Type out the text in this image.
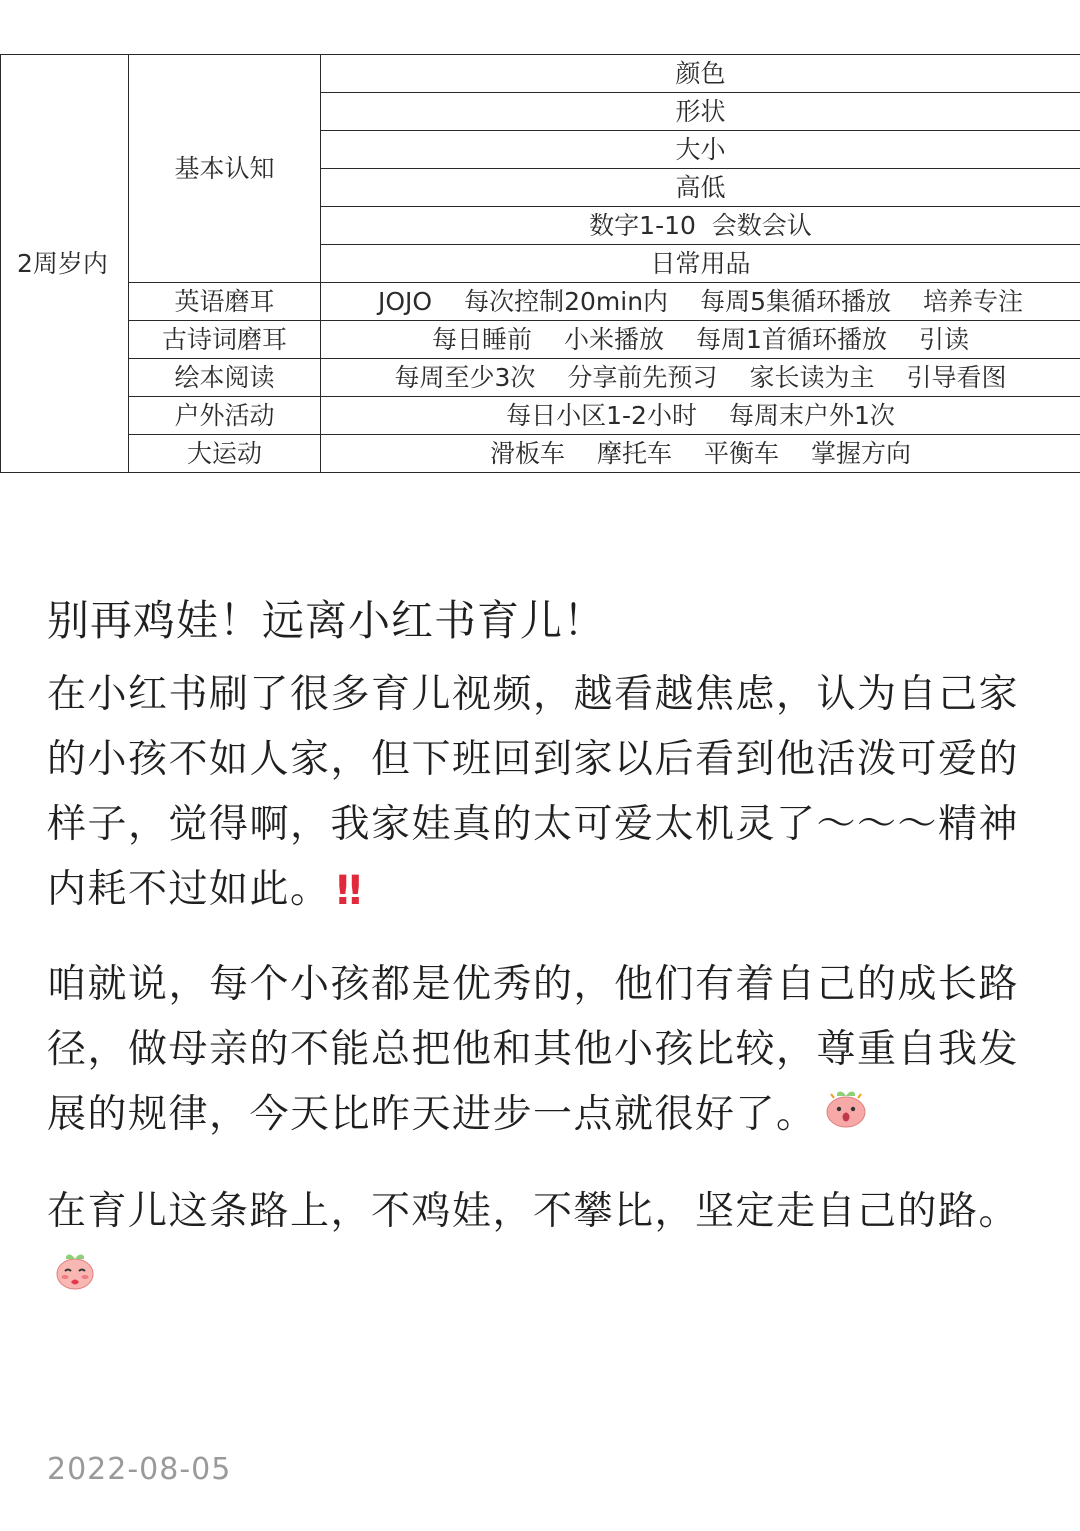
2周岁内	基本认知	颜色
		形状
		大小
		高低
		数字1-10  会数会认
		日常用品
	英语磨耳	JOJO 每次控制20min内 每周5集循环播放 培养专注
	古诗词磨耳	每日睡前 小米播放 每周1首循环播放 引读
	绘本阅读	每周至少3次 分享前先预习 家长读为主 引导看图
	户外活动	每日小区1-2小时 每周末户外1次
	大运动	滑板车 摩托车 平衡车 掌握方向
别再鸡娃！远离小红书育儿！

在小红书刷了很多育儿视频，越看越焦虑，认为自己家的小孩不如人家，但下班回到家以后看到他活泼可爱的样子，觉得啊，我家娃真的太可爱太机灵了～～～精神内耗不过如此。 ‼

咱就说，每个小孩都是优秀的，他们有着自己的成长路径，做母亲的不能总把他和其他小孩比较，尊重自我发展的规律，今天比昨天进步一点就很好了。

在育儿这条路上，不鸡娃，不攀比，坚定走自己的路。

2022-08-05
